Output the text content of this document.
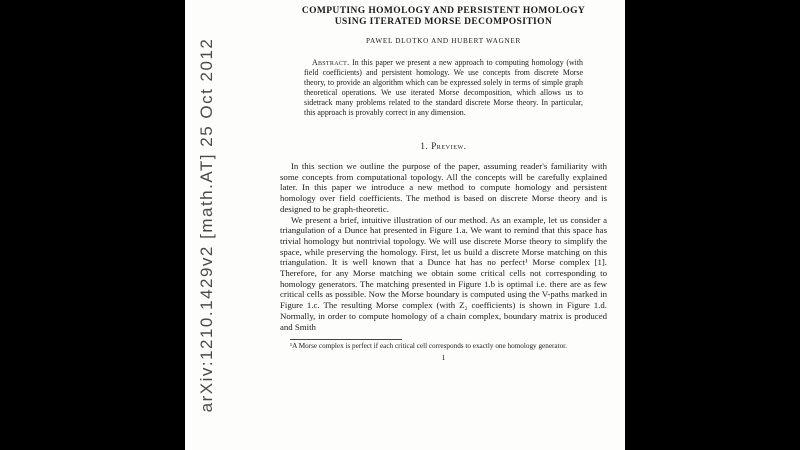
arXiv:1210.1429v2 [math.AT] 25 Oct 2012
COMPUTING HOMOLOGY AND PERSISTENT HOMOLOGY USING ITERATED MORSE DECOMPOSITION
PAWEL DLOTKO AND HUBERT WAGNER
Abstract. In this paper we present a new approach to computing homology (with field coefficients) and persistent homology. We use concepts from discrete Morse theory, to provide an algorithm which can be expressed solely in terms of simple graph theoretical operations. We use iterated Morse decomposition, which allows us to sidetrack many problems related to the standard discrete Morse theory. In particular, this approach is provably correct in any dimension.
1. Preview.

In this section we outline the purpose of the paper, assuming reader's familiarity with some concepts from computational topology. All the concepts will be carefully explained later. In this paper we introduce a new method to compute homology and persistent homology over field coefficients. The method is based on discrete Morse theory and is designed to be graph-theoretic.

We present a brief, intuitive illustration of our method. As an example, let us consider a triangulation of a Dunce hat presented in Figure 1.a. We want to remind that this space has trivial homology but nontrivial topology. We will use discrete Morse theory to simplify the space, while preserving the homology. First, let us build a discrete Morse matching on this triangulation. It is well known that a Dunce hat has no perfect¹ Morse complex [1]. Therefore, for any Morse matching we obtain some critical cells not corresponding to homology generators. The matching presented in Figure 1.b is optimal i.e. there are as few critical cells as possible. Now the Morse boundary is computed using the V-paths marked in Figure 1.c. The resulting Morse complex (with Z₂ coefficients) is shown in Figure 1.d. Normally, in order to compute homology of a chain complex, boundary matrix is produced and Smith

¹A Morse complex is perfect if each critical cell corresponds to exactly one homology generator.
1
